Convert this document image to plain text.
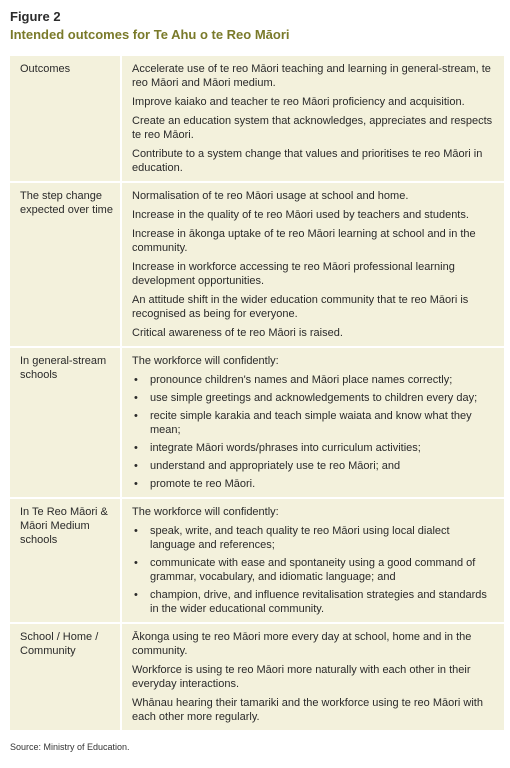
Figure 2
Intended outcomes for Te Ahu o te Reo Māori
Outcomes	Accelerate use of te reo Māori teaching and learning in general-stream, te reo Māori and Māori medium.

Improve kaiako and teacher te reo Māori proficiency and acquisition.

Create an education system that acknowledges, appreciates and respects te reo Māori.

Contribute to a system change that values and prioritises te reo Māori in education.

The step change expected over time

Normalisation of te reo Māori usage at school and home.

Increase in the quality of te reo Māori used by teachers and students.

Increase in ākonga uptake of te reo Māori learning at school and in the community.

Increase in workforce accessing te reo Māori professional learning development opportunities.

An attitude shift in the wider education community that te reo Māori is recognised as being for everyone.

Critical awareness of te reo Māori is raised.

In general-stream schools

The workforce will confidently:

• pronounce children's names and Māori place names correctly;
• use simple greetings and acknowledgements to children every day;
• recite simple karakia and teach simple waiata and know what they mean;
• integrate Māori words/phrases into curriculum activities;
• understand and appropriately use te reo Māori; and
• promote te reo Māori.
In Te Reo Māori & Māori Medium schools

The workforce will confidently:

• speak, write, and teach quality te reo Māori using local dialect language and references;
• communicate with ease and spontaneity using a good command of grammar, vocabulary, and idiomatic language; and
• champion, drive, and influence revitalisation strategies and standards in the wider educational community.
School / Home / Community

Ākonga using te reo Māori more every day at school, home and in the community.

Workforce is using te reo Māori more naturally with each other in their everyday interactions.

Whānau hearing their tamariki and the workforce using te reo Māori with each other more regularly.

Source: Ministry of Education.
